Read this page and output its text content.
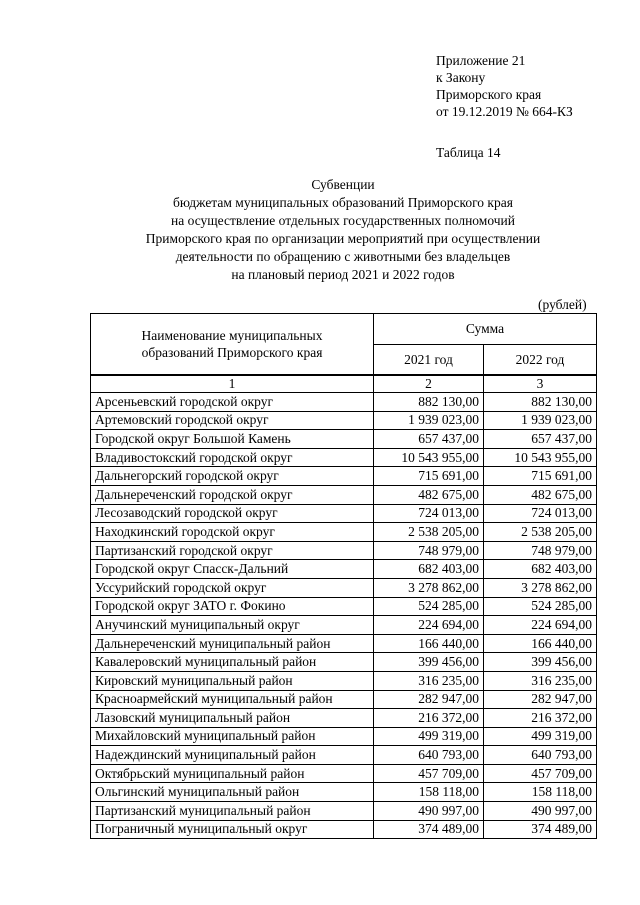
Приложение 21
к Закону
Приморского края
от 19.12.2019 № 664-КЗ
Таблица 14
Субвенции
бюджетам муниципальных образований Приморского края
на осуществление отдельных государственных полномочий
Приморского края по организации мероприятий при осуществлении
деятельности по обращению с животными без владельцев
на плановый период 2021 и 2022 годов
(рублей)
Наименование муниципальных
образований Приморского края	Сумма	
	2021 год	2022 год
1	2	3
Арсеньевский городской округ	882 130,00	882 130,00
Артемовский городской округ	1 939 023,00	1 939 023,00
Городской округ Большой Камень	657 437,00	657 437,00
Владивостокский городской округ	10 543 955,00	10 543 955,00
Дальнегорский городской округ	715 691,00	715 691,00
Дальнереченский городской округ	482 675,00	482 675,00
Лесозаводский городской округ	724 013,00	724 013,00
Находкинский городской округ	2 538 205,00	2 538 205,00
Партизанский городской округ	748 979,00	748 979,00
Городской округ Спасск-Дальний	682 403,00	682 403,00
Уссурийский городской округ	3 278 862,00	3 278 862,00
Городской округ ЗАТО г. Фокино	524 285,00	524 285,00
Анучинский муниципальный округ	224 694,00	224 694,00
Дальнереченский муниципальный район	166 440,00	166 440,00
Кавалеровский муниципальный район	399 456,00	399 456,00
Кировский муниципальный район	316 235,00	316 235,00
Красноармейский муниципальный район	282 947,00	282 947,00
Лазовский муниципальный район	216 372,00	216 372,00
Михайловский муниципальный район	499 319,00	499 319,00
Надеждинский муниципальный район	640 793,00	640 793,00
Октябрьский муниципальный район	457 709,00	457 709,00
Ольгинский муниципальный район	158 118,00	158 118,00
Партизанский муниципальный район	490 997,00	490 997,00
Пограничный муниципальный округ	374 489,00	374 489,00
